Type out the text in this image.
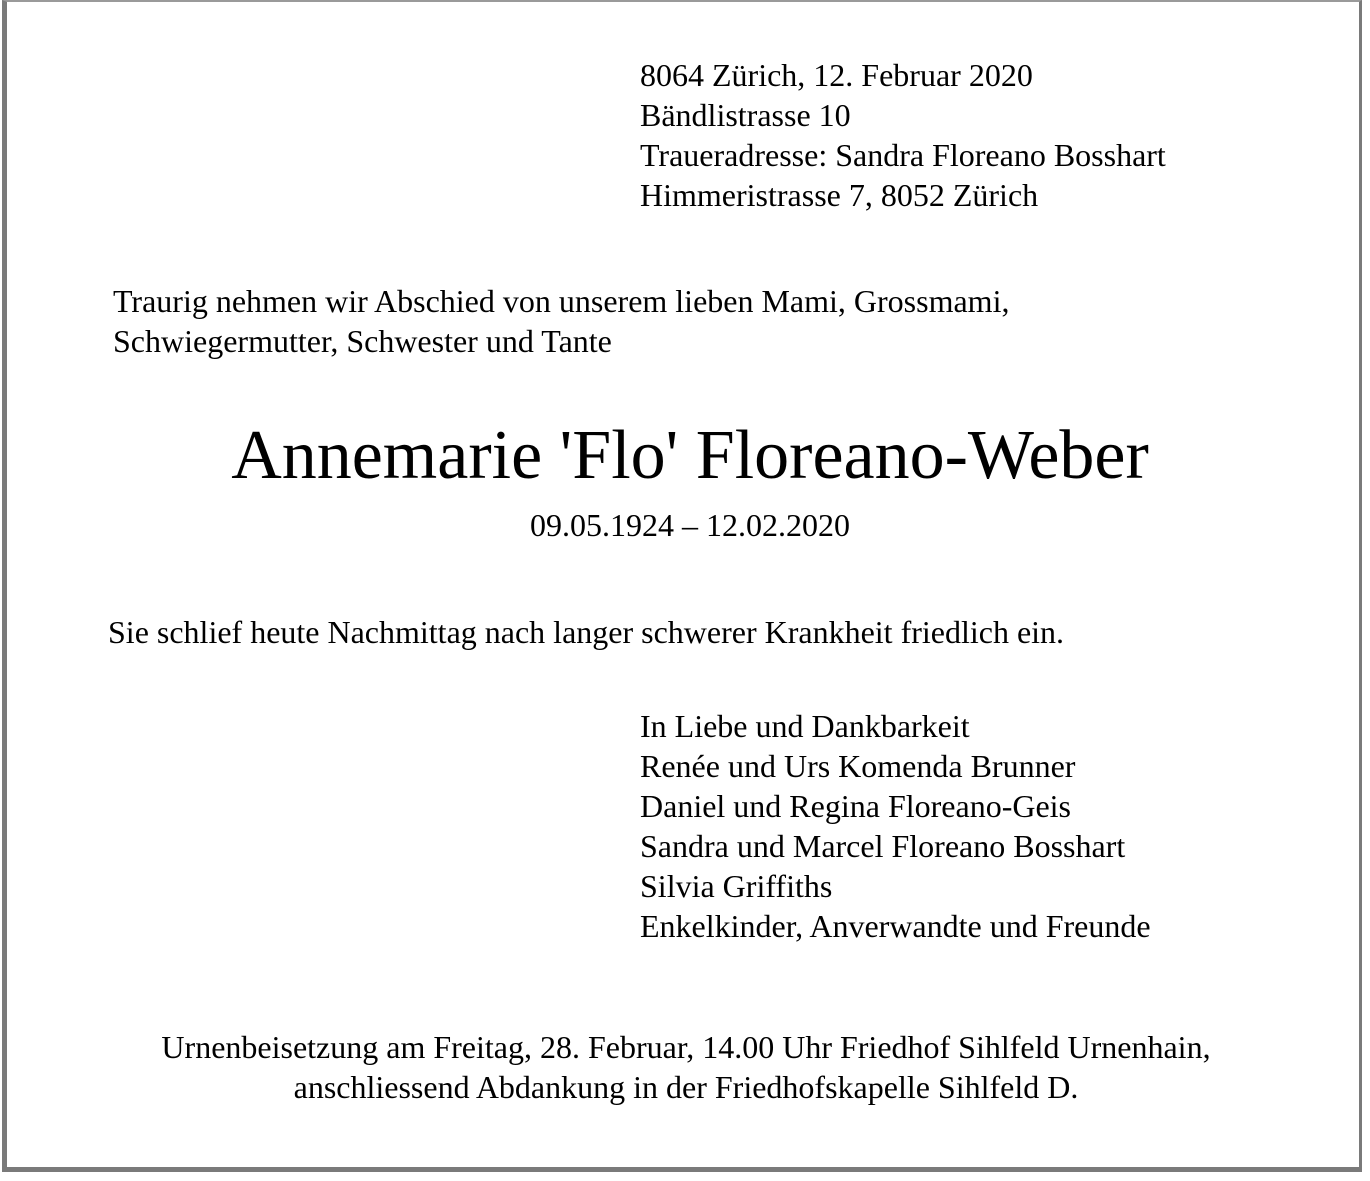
8064 Zürich, 12. Februar 2020
Bändlistrasse 10
Traueradresse: Sandra Floreano Bosshart
Himmeristrasse 7, 8052 Zürich
Traurig nehmen wir Abschied von unserem lieben Mami, Grossmami,
Schwiegermutter, Schwester und Tante
Annemarie 'Flo' Floreano-Weber
09.05.1924 – 12.02.2020
Sie schlief heute Nachmittag nach langer schwerer Krankheit friedlich ein.
In Liebe und Dankbarkeit
Renée und Urs Komenda Brunner
Daniel und Regina Floreano-Geis
Sandra und Marcel Floreano Bosshart
Silvia Griffiths
Enkelkinder, Anverwandte und Freunde
Urnenbeisetzung am Freitag, 28. Februar, 14.00 Uhr Friedhof Sihlfeld Urnenhain,
anschliessend Abdankung in der Friedhofskapelle Sihlfeld D.
